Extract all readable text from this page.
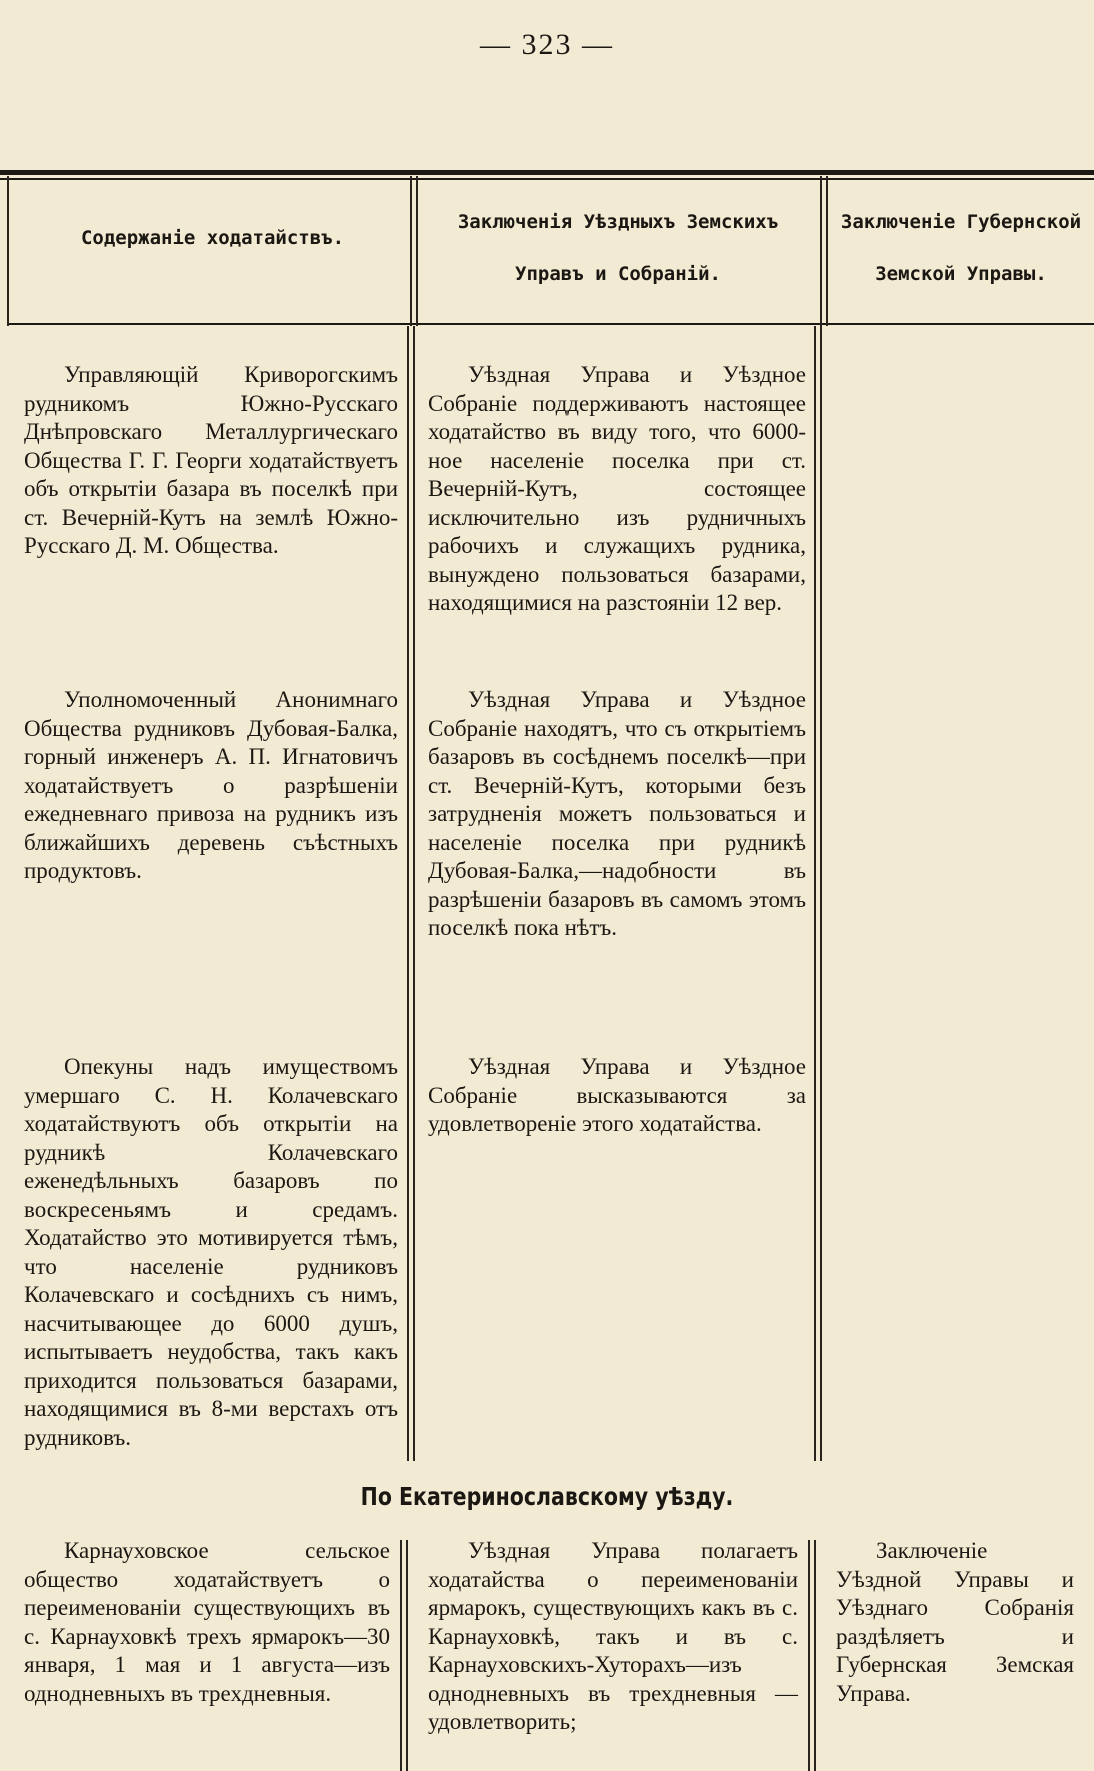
— 323 —
Содержаніе ходатайствъ.
Заключенія Уѣздныхъ Земскихъ
Управъ и Собраній.
Заключеніе Губернской
Земской Управы.
Управляющій Криворогскимъ рудникомъ Южно-Русскаго Днѣпровскаго Металлургическаго Общества Г. Г. Георги ходатайствуетъ объ открытіи базара въ поселкѣ при ст. Вечерній-Кутъ на землѣ Южно-Русскаго Д. М. Общества.
Уѣздная Управа и Уѣздное Собраніе поддерживаютъ настоящее ходатайство въ виду того, что 6000-ное населеніе поселка при ст. Вечерній-Кутъ, состоящее исключительно изъ рудничныхъ рабочихъ и служащихъ рудника, вынуждено пользоваться базарами, находящимися на разстояніи 12 вер.
Уполномоченный Анонимнаго Общества рудниковъ Дубовая-Балка, горный инженеръ А. П. Игнатовичъ ходатайствуетъ о разрѣшеніи ежедневнаго привоза на рудникъ изъ ближайшихъ деревень съѣстныхъ продуктовъ.
Уѣздная Управа и Уѣздное Собраніе находятъ, что съ открытіемъ базаровъ въ сосѣднемъ поселкѣ—при ст. Вечерній-Кутъ, которыми безъ затрудненія можетъ пользоваться и населеніе поселка при рудникѣ Дубовая-Балка,—надобности въ разрѣшеніи базаровъ въ самомъ этомъ поселкѣ пока нѣтъ.
Опекуны надъ имуществомъ умершаго С. Н. Колачевскаго ходатайствуютъ объ открытіи на рудникѣ Колачевскаго еженедѣльныхъ базаровъ по воскресеньямъ и средамъ. Ходатайство это мотивируется тѣмъ, что населеніе рудниковъ Колачевскаго и сосѣднихъ съ нимъ, насчитывающее до 6000 душъ, испытываетъ неудобства, такъ какъ приходится пользоваться базарами, находящимися въ 8-ми верстахъ отъ рудниковъ.
Уѣздная Управа и Уѣздное Собраніе высказываются за удовлетвореніе этого ходатайства.
По Екатеринославскому уѣзду.
Карнауховское сельское общество ходатайствуетъ о переименованіи существующихъ въ с. Карнауховкѣ трехъ ярмарокъ—30 января, 1 мая и 1 августа—изъ однодневныхъ въ трехдневныя.
Уѣздная Управа полагаетъ ходатайства о переименованіи ярмарокъ, существующихъ какъ въ с. Карнауховкѣ, такъ и въ с. Карнауховскихъ-Хуторахъ—изъ однодневныхъ въ трехдневныя — удовлетворить;
Заключеніе Уѣздной Управы и Уѣзднаго Собранія раздѣляетъ и Губернская Земская Управа.
